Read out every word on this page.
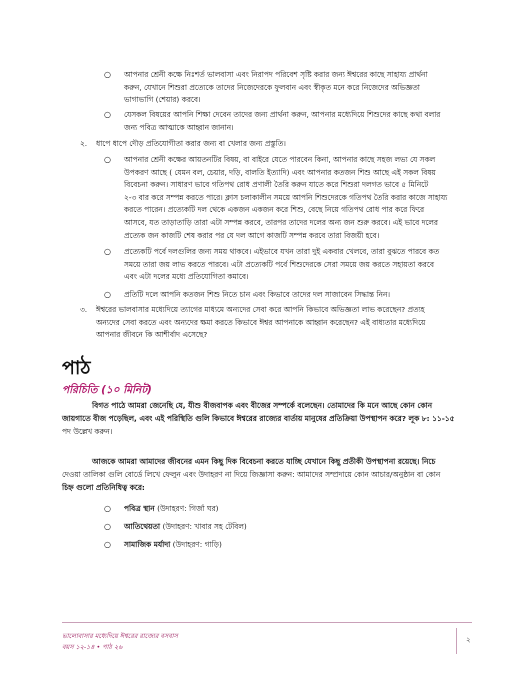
○ আপনার শ্রেনী কক্ষে নিঃশর্ত ভালবাসা এবং নিরাপদ পরিবেশ সৃষ্টি করার জন্য ঈশ্বরের কাছে সাহায্য প্রার্থনা
করুন, যেখানে শিশুরা প্রত্যেকে তাদের নিজেদেরকে ফুলবান এবং স্বীকৃত মনে করে নিজেদের অভিজ্ঞতা
ভাগাভাগি (শেয়ার) করবে।

○ যেসকল বিষয়ের আপনি শিক্ষা দেবেন তাদের জন্য প্রার্থনা করুন, আপনার মধ্যেদিয়ে শিশুদের কাছে কথা বলার
জন্য পবিত্র আত্মাকে আহ্বান জানান।

২. ধাপে ধাপে দৌড় প্রতিযোগীতা করার জন্য বা খেলার জন্য প্রস্তুতি।

○ আপনার শ্রেনী কক্ষের আয়তনটির বিষয়, বা বাইরে যেতে পারবেন কিনা, আপনার কাছে সহজ লভ্য যে সকল
উপকরণ আছে ( যেমন বল, চেয়ার, দড়ি, বালতি ইত্যাদি) এবং আপনার কতজন শিশু আছে এই সকল বিষয়
বিবেচনা করুন। সাধারণ ভাবে গতিপথ রোধ প্রণালী তৈরি করুন যাতে করে শিশুরা দলগত ভাবে ৫ মিনিটে
২-৩ বার করে সম্পন্ন করতে পারে। ক্লাস চলাকালীন সময়ে আপনি শিশুদেরকে গতিপথ তৈরি করার কাজে সাহায্য
করতে পারেন। প্রত্যেকটি দল থেকে একজন একজন করে শিশু, বেছে নিয়ে গতিপথ রোধ পার করে ফিরে
আসবে, যত তাড়াতাড়ি তারা এটা সম্পন্ন করবে, তারপর তাদের দলের অন্য জন শুরু করবে। এই ভাবে দলের
প্রত্যেক জন কাজটি শেষ করার পর যে দল আগে কাজটি সম্পন্ন করবে তারা বিজয়ী হবে।

○ প্রত্যেকটি পর্বে দলগুলির জন্য সময় থাকবে। এইভাবে যখন তারা দুই একবার খেলবে, তারা বুঝতে পারবে কত
সময়ে তারা জয় লাভ করতে পারবে। এটা প্রত্যেকটি পর্বে শিশুদেরকে সেরা সময়ে জয় করতে সহায়তা করবে
এবং এটা দলের মধ্যে প্রতিযোগিতা কমাবে।

○ প্রতিটি দলে আপনি কতজন শিশু নিতে চান এবং কিভাবে তাদের দল সাজাবেন সিদ্ধান্ত নিন।

৩. ঈশ্বরের ভালবাসার মধ্যেদিয়ে ত্যাগের মাধ্যমে অন্যদের সেবা করে আপনি কিভাবে অভিজ্ঞতা লাভ করেছেন? প্রত্যহ
অন্যদের সেবা করতে এবং অন্যদের ক্ষমা করতে কিভাবে ঈশ্বর আপনাকে আহ্বান করেছেন? এই বাধ্যতার মধ্যেদিয়ে
আপনার জীবনে কি আশীর্বাদ এসেছে?

পাঠ
পরিচিতি (১০ মিনিট)

বিগত পাঠে আমরা জেনেছি যে, যীশু বীজবাপক এবং বীজের সম্পর্কে বলেছেন। তোমাদের কি মনে আছে কোন কোন

জায়গাতে বীজ পড়েছিল, এবং এই পরিস্থিতি গুলি কিভাবে ঈশ্বরের রাজ্যের বার্তায় মানুষের প্রতিক্রিয়া উপস্থাপন করে? লূক ৮: ১১-১৫
পদ উল্লেখ করুন।

আজকে আমরা আমাদের জীবনের এমন কিছু দিক বিবেচনা করতে যাচ্ছি যেখানে কিছু প্রতীকী উপস্থাপনা রয়েছে। নিচে

দেওয়া তালিকা গুলি বোর্ডে লিখে ফেলুন এবং উদাহরণ না দিয়ে জিজ্ঞাসা করুন: আমাদের সম্প্রদায়ে কোন আচার/অনুষ্ঠান বা কোন
চিহ্ন গুলো প্রতিনিধিত্ব করে:

○ পবিত্র স্থান (উদাহরণ: গির্জা ঘর)

○ আতিথেয়তা (উদাহরণ: খাবার সহ টেবিল)

○ সামাজিক মর্যাদা (উদাহরণ: গাড়ি)

ভালোবাসার মধ্যেদিয়ে ঈশ্বরের রাজ্যের বসবাস
বয়স ১২-১৪ • পাঠ ২৬
২
